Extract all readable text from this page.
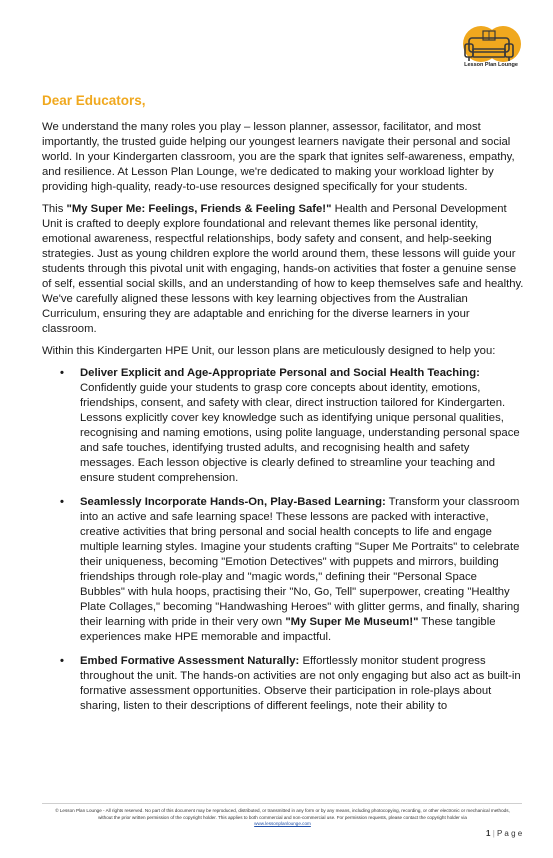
Lesson Plan Lounge
Dear Educators,

We understand the many roles you play – lesson planner, assessor, facilitator, and most importantly, the trusted guide helping our youngest learners navigate their personal and social world. In your Kindergarten classroom, you are the spark that ignites self-awareness, empathy, and resilience. At Lesson Plan Lounge, we're dedicated to making your workload lighter by providing high-quality, ready-to-use resources designed specifically for your students.

This "My Super Me: Feelings, Friends & Feeling Safe!" Health and Personal Development Unit is crafted to deeply explore foundational and relevant themes like personal identity, emotional awareness, respectful relationships, body safety and consent, and help-seeking strategies. Just as young children explore the world around them, these lessons will guide your students through this pivotal unit with engaging, hands-on activities that foster a genuine sense of self, essential social skills, and an understanding of how to keep themselves safe and healthy. We've carefully aligned these lessons with key learning objectives from the Australian Curriculum, ensuring they are adaptable and enriching for the diverse learners in your classroom.

Within this Kindergarten HPE Unit, our lesson plans are meticulously designed to help you:

• Deliver Explicit and Age-Appropriate Personal and Social Health Teaching: Confidently guide your students to grasp core concepts about identity, emotions, friendships, consent, and safety with clear, direct instruction tailored for Kindergarten. Lessons explicitly cover key knowledge such as identifying unique personal qualities, recognising and naming emotions, using polite language, understanding personal space and safe touches, identifying trusted adults, and recognising health and safety messages. Each lesson objective is clearly defined to streamline your teaching and ensure student comprehension.
• Seamlessly Incorporate Hands-On, Play-Based Learning: Transform your classroom into an active and safe learning space! These lessons are packed with interactive, creative activities that bring personal and social health concepts to life and engage multiple learning styles. Imagine your students crafting "Super Me Portraits" to celebrate their uniqueness, becoming "Emotion Detectives" with puppets and mirrors, building friendships through role-play and "magic words," defining their "Personal Space Bubbles" with hula hoops, practising their "No, Go, Tell" superpower, creating "Healthy Plate Collages," becoming "Handwashing Heroes" with glitter germs, and finally, sharing their learning with pride in their very own "My Super Me Museum!" These tangible experiences make HPE memorable and impactful.
• Embed Formative Assessment Naturally: Effortlessly monitor student progress throughout the unit. The hands-on activities are not only engaging but also act as built-in formative assessment opportunities. Observe their participation in role-plays about sharing, listen to their descriptions of different feelings, note their ability to
© Lesson Plan Lounge - All rights reserved. No part of this document may be reproduced, distributed, or transmitted in any form or by any means, including photocopying, recording, or other electronic or mechanical methods, without the prior written permission of the copyright holder. This applies to both commercial and non-commercial use. For permission requests, please contact the copyright holder via
www.lessonplanlounge.com
1 | P a g e
